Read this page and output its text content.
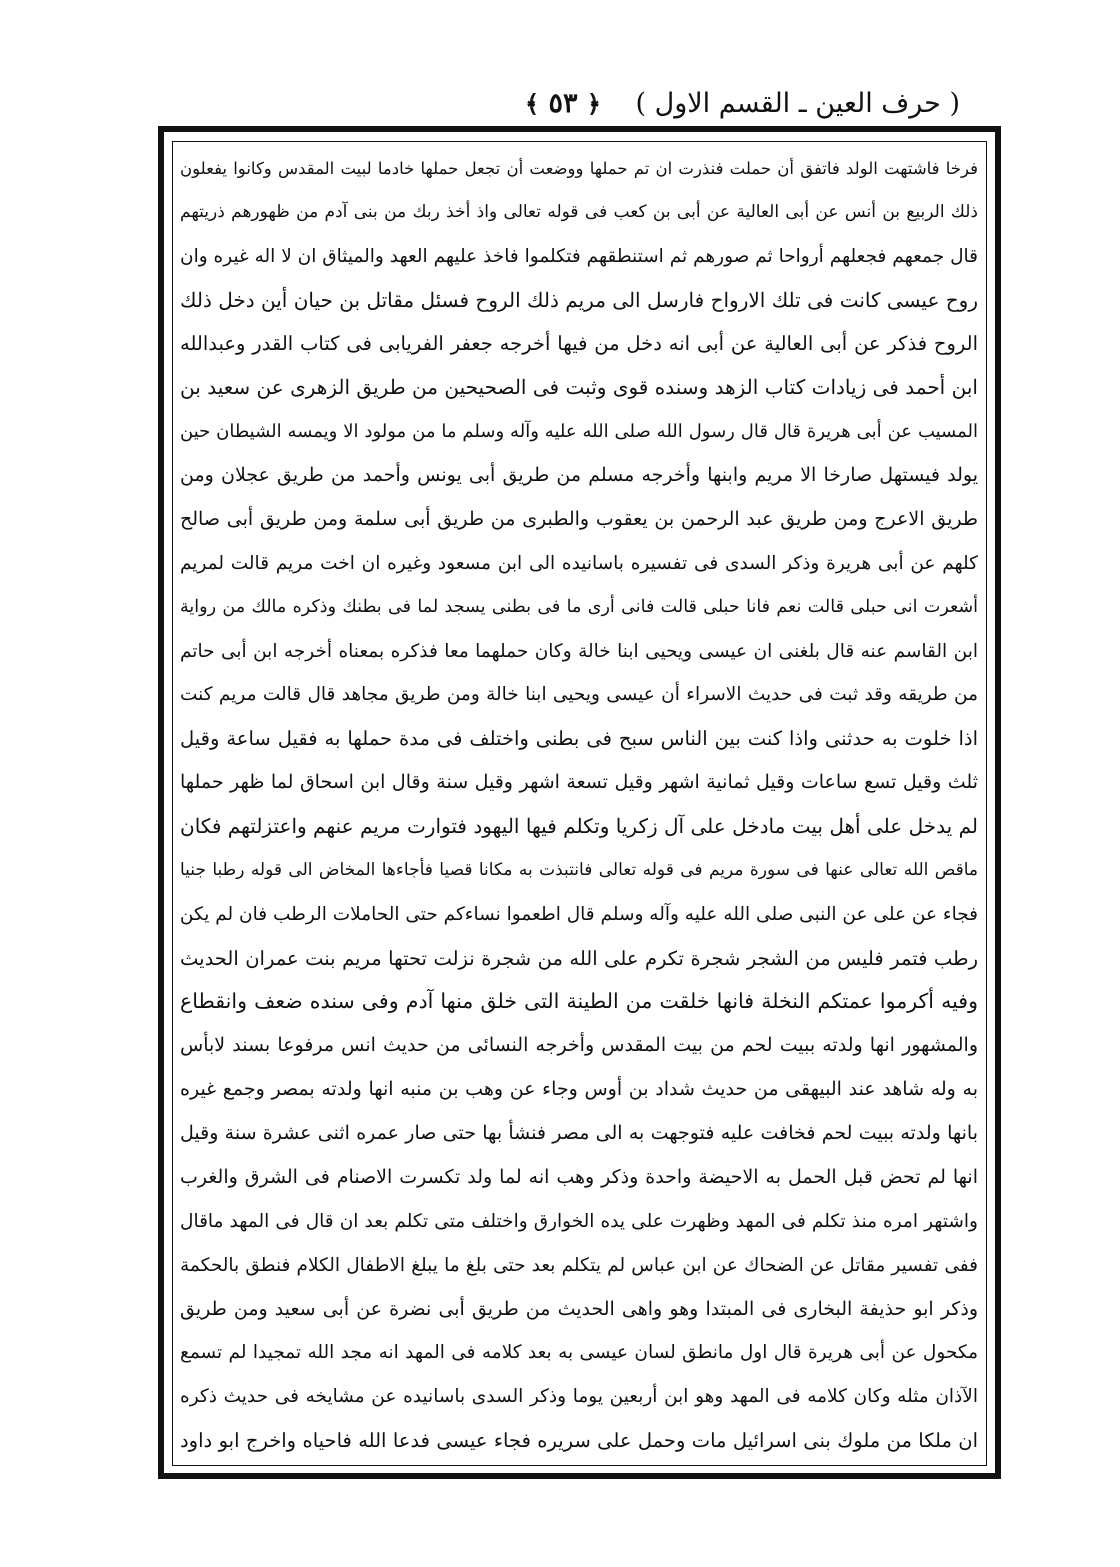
( حرف العين ـ القسم الاول )
﴿ ٥٣ ﴾
فرخا فاشتهت الولد فاتفق أن حملت فنذرت ان تم حملها ووضعت أن تجعل حملها خادما لبيت المقدس وكانوا يفعلون
ذلك الربيع بن أنس عن أبى العالية عن أبى بن كعب فى قوله تعالى واذ أخذ ربك من بنى آدم من ظهورهم ذريتهم
قال جمعهم فجعلهم أرواحا ثم صورهم ثم استنطقهم فتكلموا فاخذ عليهم العهد والميثاق ان لا اله غيره وان
روح عيسى كانت فى تلك الارواح فارسل الى مريم ذلك الروح فسئل مقاتل بن حيان أين دخل ذلك
الروح فذكر عن أبى العالية عن أبى انه دخل من فيها أخرجه جعفر الفريابى فى كتاب القدر وعبدالله
ابن أحمد فى زيادات كتاب الزهد وسنده قوى وثبت فى الصحيحين من طريق الزهرى عن سعيد بن
المسيب عن أبى هريرة قال قال رسول الله صلى الله عليه وآله وسلم ما من مولود الا ويمسه الشيطان حين
يولد فيستهل صارخا الا مريم وابنها وأخرجه مسلم من طريق أبى يونس وأحمد من طريق عجلان ومن
طريق الاعرج ومن طريق عبد الرحمن بن يعقوب والطبرى من طريق أبى سلمة ومن طريق أبى صالح
كلهم عن أبى هريرة وذكر السدى فى تفسيره باسانيده الى ابن مسعود وغيره ان اخت مريم قالت لمريم
أشعرت انى حبلى قالت نعم فانا حبلى قالت فانى أرى ما فى بطنى يسجد لما فى بطنك وذكره مالك من رواية
ابن القاسم عنه قال بلغنى ان عيسى ويحيى ابنا خالة وكان حملهما معا فذكره بمعناه أخرجه ابن أبى حاتم
من طريقه وقد ثبت فى حديث الاسراء أن عيسى ويحيى ابنا خالة ومن طريق مجاهد قال قالت مريم كنت
اذا خلوت به حدثنى واذا كنت بين الناس سبح فى بطنى واختلف فى مدة حملها به فقيل ساعة وقيل
ثلث وقيل تسع ساعات وقيل ثمانية اشهر وقيل تسعة اشهر وقيل سنة وقال ابن اسحاق لما ظهر حملها
لم يدخل على أهل بيت مادخل على آل زكريا وتكلم فيها اليهود فتوارت مريم عنهم واعتزلتهم فكان
ماقص الله تعالى عنها فى سورة مريم فى قوله تعالى فانتبذت به مكانا قصيا فأجاءها المخاض الى قوله رطبا جنيا
فجاء عن على عن النبى صلى الله عليه وآله وسلم قال اطعموا نساءكم حتى الحاملات الرطب فان لم يكن
رطب فتمر فليس من الشجر شجرة تكرم على الله من شجرة نزلت تحتها مريم بنت عمران الحديث
وفيه أكرموا عمتكم النخلة فانها خلقت من الطينة التى خلق منها آدم وفى سنده ضعف وانقطاع
والمشهور انها ولدته ببيت لحم من بيت المقدس وأخرجه النسائى من حديث انس مرفوعا بسند لابأس
به وله شاهد عند البيهقى من حديث شداد بن أوس وجاء عن وهب بن منبه انها ولدته بمصر وجمع غيره
بانها ولدته ببيت لحم فخافت عليه فتوجهت به الى مصر فنشأ بها حتى صار عمره اثنى عشرة سنة وقيل
انها لم تحض قبل الحمل به الاحيضة واحدة وذكر وهب انه لما ولد تكسرت الاصنام فى الشرق والغرب
واشتهر امره منذ تكلم فى المهد وظهرت على يده الخوارق واختلف متى تكلم بعد ان قال فى المهد ماقال
ففى تفسير مقاتل عن الضحاك عن ابن عباس لم يتكلم بعد حتى بلغ ما يبلغ الاطفال الكلام فنطق بالحكمة
وذكر ابو حذيفة البخارى فى المبتدا وهو واهى الحديث من طريق أبى نضرة عن أبى سعيد ومن طريق
مكحول عن أبى هريرة قال اول مانطق لسان عيسى به بعد كلامه فى المهد انه مجد الله تمجيدا لم تسمع
الآذان مثله وكان كلامه فى المهد وهو ابن أربعين يوما وذكر السدى باسانيده عن مشايخه فى حديث ذكره
ان ملكا من ملوك بنى اسرائيل مات وحمل على سريره فجاء عيسى فدعا الله فاحياه واخرج ابو داود
